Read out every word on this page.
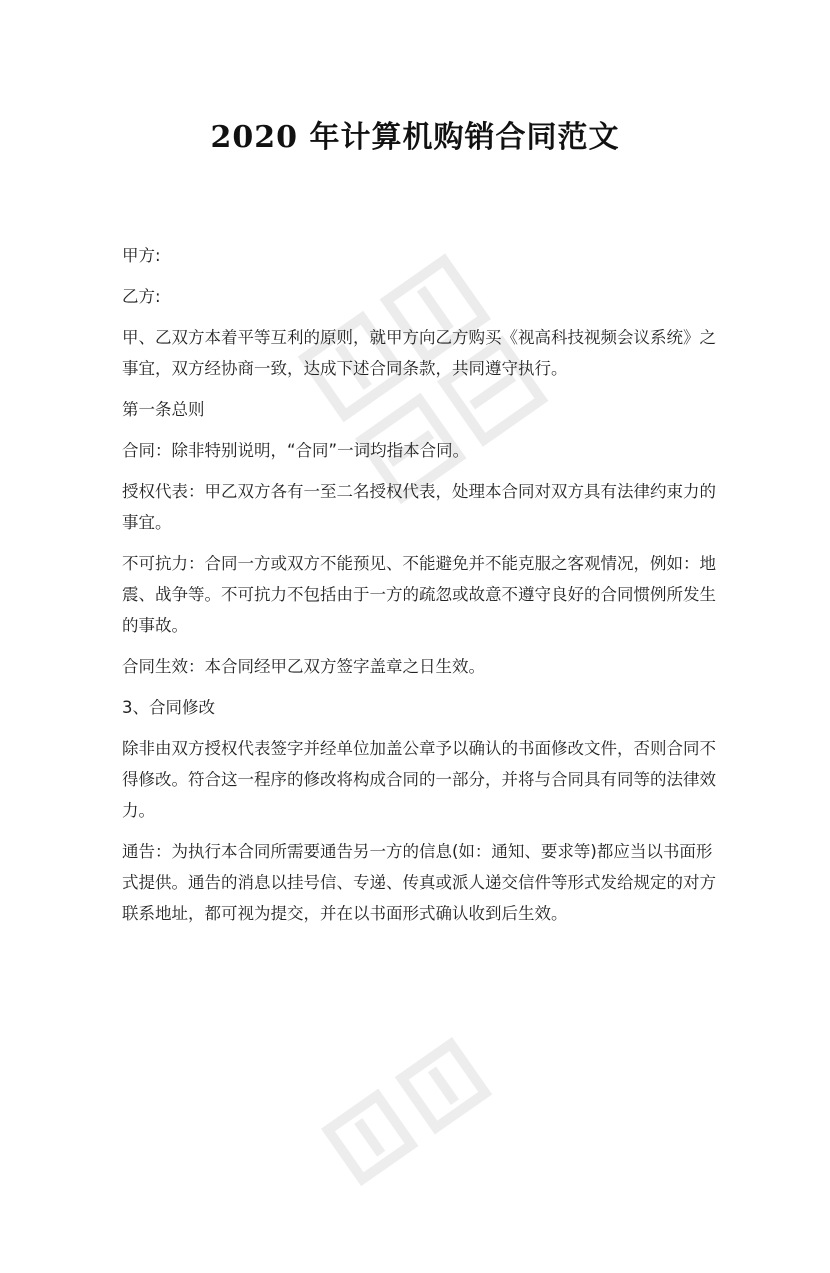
2020 年计算机购销合同范文

甲方:

乙方:

甲、乙双方本着平等互利的原则，就甲方向乙方购买《视高科技视频会议系统》之事宜，双方经协商一致，达成下述合同条款，共同遵守执行。

第一条总则

合同：除非特别说明，“合同”一词均指本合同。

授权代表：甲乙双方各有一至二名授权代表，处理本合同对双方具有法律约束力的事宜。

不可抗力：合同一方或双方不能预见、不能避免并不能克服之客观情况，例如：地震、战争等。不可抗力不包括由于一方的疏忽或故意不遵守良好的合同惯例所发生的事故。

合同生效：本合同经甲乙双方签字盖章之日生效。

3、合同修改

除非由双方授权代表签字并经单位加盖公章予以确认的书面修改文件，否则合同不得修改。符合这一程序的修改将构成合同的一部分，并将与合同具有同等的法律效力。

通告：为执行本合同所需要通告另一方的信息(如：通知、要求等)都应当以书面形式提供。通告的消息以挂号信、专递、传真或派人递交信件等形式发给规定的对方联系地址，都可视为提交，并在以书面形式确认收到后生效。
